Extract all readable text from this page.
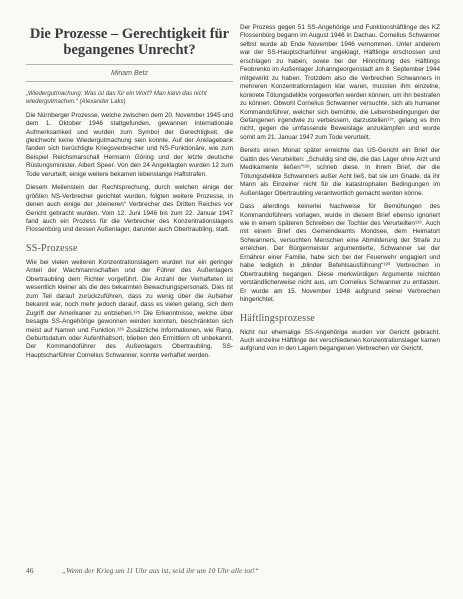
Die Prozesse – Gerechtigkeit für begangenes Unrecht?
Miriam Betz

„Wiedergutmachung: Was ist das für ein Wort? Man kann das nicht wiedergutmachen.“ (Alexander Laks)

Die Nürnberger Prozesse, welche zwischen dem 20. November 1945 und dem 1. Oktober 1946 stattgefunden, gewannen internationale Aufmerksamkeit und wurden zum Symbol der Gerechtigkeit, die gleichwohl keine Wiedergutmachung sein konnte. Auf der Anklagebank fanden sich berüchtigte Kriegsverbrecher und NS-Funktionäre, wie zum Beispiel Reichsmarschall Hermann Göring und der letzte deutsche Rüstungsminister, Albert Speer. Von den 24 Angeklagten wurden 12 zum Tode verurteilt, einige weitere bekamen lebenslange Haftstrafen.

Diesem Meilenstein der Rechtsprechung, durch welchen einige der größten NS-Verbrecher gerichtet wurden, folgten weitere Prozesse, in denen auch einige der „kleineren“ Verbrecher des Dritten Reiches vor Gericht gebracht wurden. Vom 12. Juni 1946 bis zum 22. Januar 1947 fand auch ein Prozess für die Verbrecher des Konzentrationslagers Flossenbürg und dessen Außenlager, darunter auch Obertraubling, statt.

SS-Prozesse

Wie bei vielen weiteren Konzentrationslagern wurden nur ein geringer Anteil der Wachmannschaften und der Führer des Außenlagers Obertraubling dem Richter vorgeführt. Die Anzahl der Verhafteten ist wesentlich kleiner als die des bekannten Bewachungspersonals. Dies ist zum Teil darauf zurückzuführen, dass zu wenig über die Aufseher bekannt war, noch mehr jedoch darauf, dass es vielen gelang, sich dem Zugriff der Amerikaner zu entziehen.¹²⁵ Die Erkenntnisse, welche über besagte SS-Angehörige gewonnen werden konnten, beschränkten sich meist auf Namen und Funktion.¹²⁶ Zusätzliche Informationen, wie Rang, Geburtsdatum oder Aufenthaltsort, blieben den Ermittlern oft unbekannt. Der Kommandoführer des Außenlagers Obertraubling, SS-Hauptscharführer Cornelius Schwanner, konnte verhaftet werden.

Der Prozess gegen 51 SS-Angehörige und Funktionshäftlinge des KZ Flossenbürg begann im August 1946 in Dachau. Cornelius Schwanner selbst wurde ab Ende November 1946 vernommen. Unter anderem war der SS-Hauptscharführer angeklagt, Häftlinge erschossen und erschlagen zu haben, sowie bei der Hinrichtung des Häftlings Feobrenko im Außenlager Johanngeorgenstadt am 8. September 1944 mitgewirkt zu haben. Trotzdem also die Verbrechen Schwanners in mehreren Konzentrationslagern klar waren, mussten ihm einzelne, konkrete Tötungsdelikte vorgeworfen werden können, um ihn bestrafen zu können. Obwohl Cornelius Schwanner versuchte, sich als humaner Kommandoführer, welcher sich bemühte, die Lebensbedingungen der Gefangenen irgendwie zu verbessern, darzustellen¹²⁷, gelang es ihm nicht, gegen die umfassende Beweislage anzukämpfen und wurde somit am 21. Januar 1947 zum Tode verurteilt.

Bereits einen Monat später erreichte das US-Gericht ein Brief der Gattin des Verurteilten: „Schuldig sind die, die das Lager ohne Arzt und Medikamente ließen“¹²⁸, schrieb diese. In ihrem Brief, der die Tötungsdelikte Schwanners außer Acht ließ, bat sie um Gnade, da ihr Mann als Einzelner nicht für die katastrophalen Bedingungen im Außenlager Obertraubling verantwortlich gemacht werden könne.

Dass allerdings keinerlei Nachweise für Bemühungen des Kommandoführers vorlagen, wurde in diesem Brief ebenso ignoriert wie in einem späteren Schreiben der Tochter des Verurteilten¹²⁹. Auch mit einem Brief des Gemeindeamts Mondsee, dem Heimatort Schwanners, versuchten Menschen eine Abmilderung der Strafe zu erreichen. Der Bürgermeister argumentierte, Schwanner sei der Ernährer einer Familie, habe sich bei der Feuerwehr engagiert und habe lediglich in „blinder Befehlsausführung“¹³⁰ Verbrechen in Obertraubling begangen. Diese merkwürdigen Argumente reichten verständlicherweise nicht aus, um Cornelius Schwanner zu entlasten. Er wurde am 15. November 1948 aufgrund seiner Verbrechen hingerichtet.

Häftlingsprozesse

Nicht nur ehemalige SS-Angehörige wurden vor Gericht gebracht. Auch einzelne Häftlinge der verschiedenen Konzentrationslager kamen aufgrund von in den Lagern begangenen Verbrechen vor Gericht.

46	„Wenn der Krieg um 11 Uhr aus ist, seid ihr um 10 Uhr alle tot!“
